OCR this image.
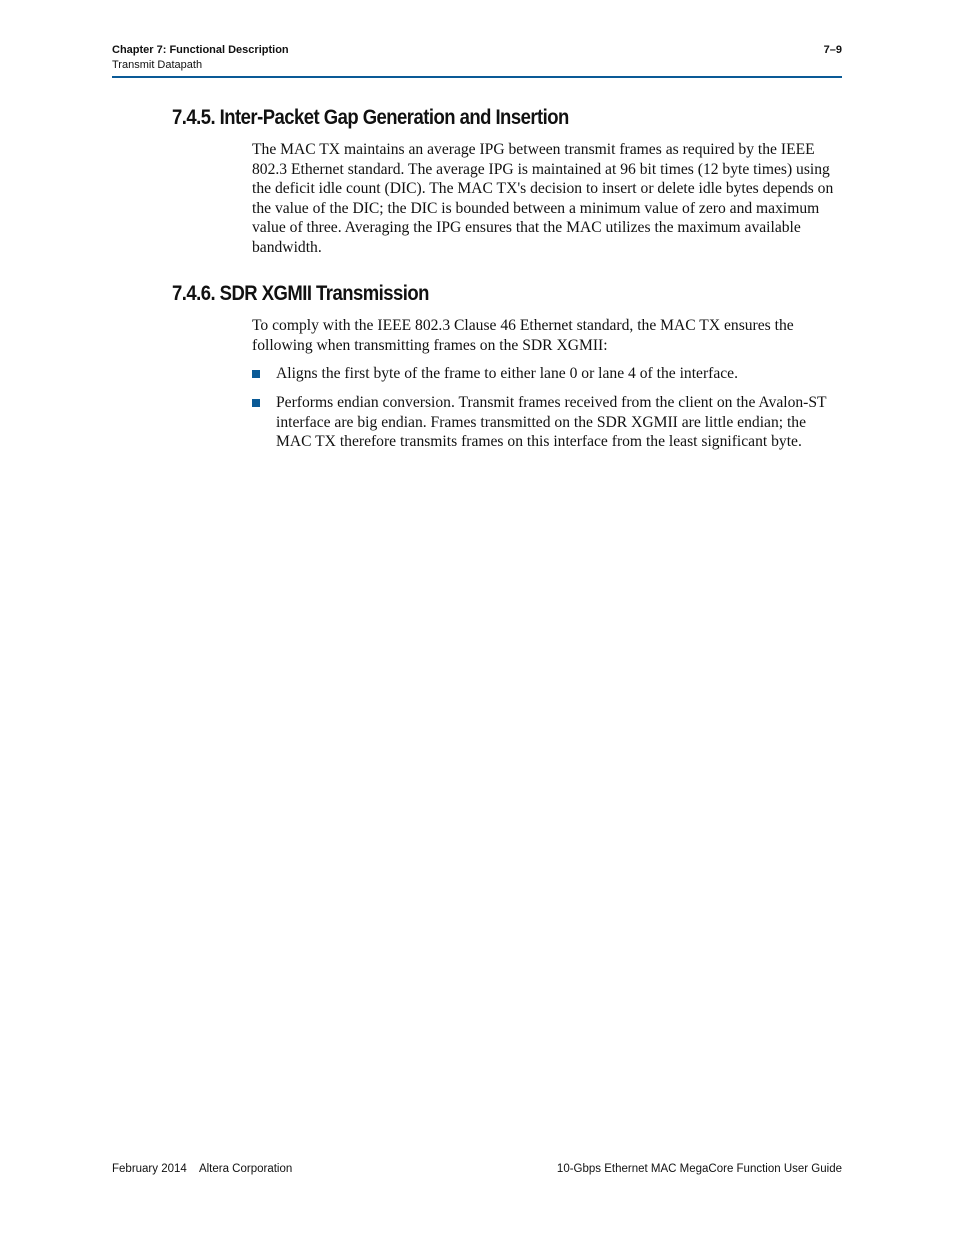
Chapter 7: Functional Description
Transmit Datapath
7–9
7.4.5. Inter-Packet Gap Generation and Insertion

The MAC TX maintains an average IPG between transmit frames as required by the IEEE 802.3 Ethernet standard. The average IPG is maintained at 96 bit times (12 byte times) using the deficit idle count (DIC). The MAC TX's decision to insert or delete idle bytes depends on the value of the DIC; the DIC is bounded between a minimum value of zero and maximum value of three. Averaging the IPG ensures that the MAC utilizes the maximum available bandwidth.

7.4.6. SDR XGMII Transmission

To comply with the IEEE 802.3 Clause 46 Ethernet standard, the MAC TX ensures the following when transmitting frames on the SDR XGMII:

Aligns the first byte of the frame to either lane 0 or lane 4 of the interface.
Performs endian conversion. Transmit frames received from the client on the Avalon-ST interface are big endian. Frames transmitted on the SDR XGMII are little endian; the MAC TX therefore transmits frames on this interface from the least significant byte.
February 2014    Altera Corporation	10-Gbps Ethernet MAC MegaCore Function User Guide
